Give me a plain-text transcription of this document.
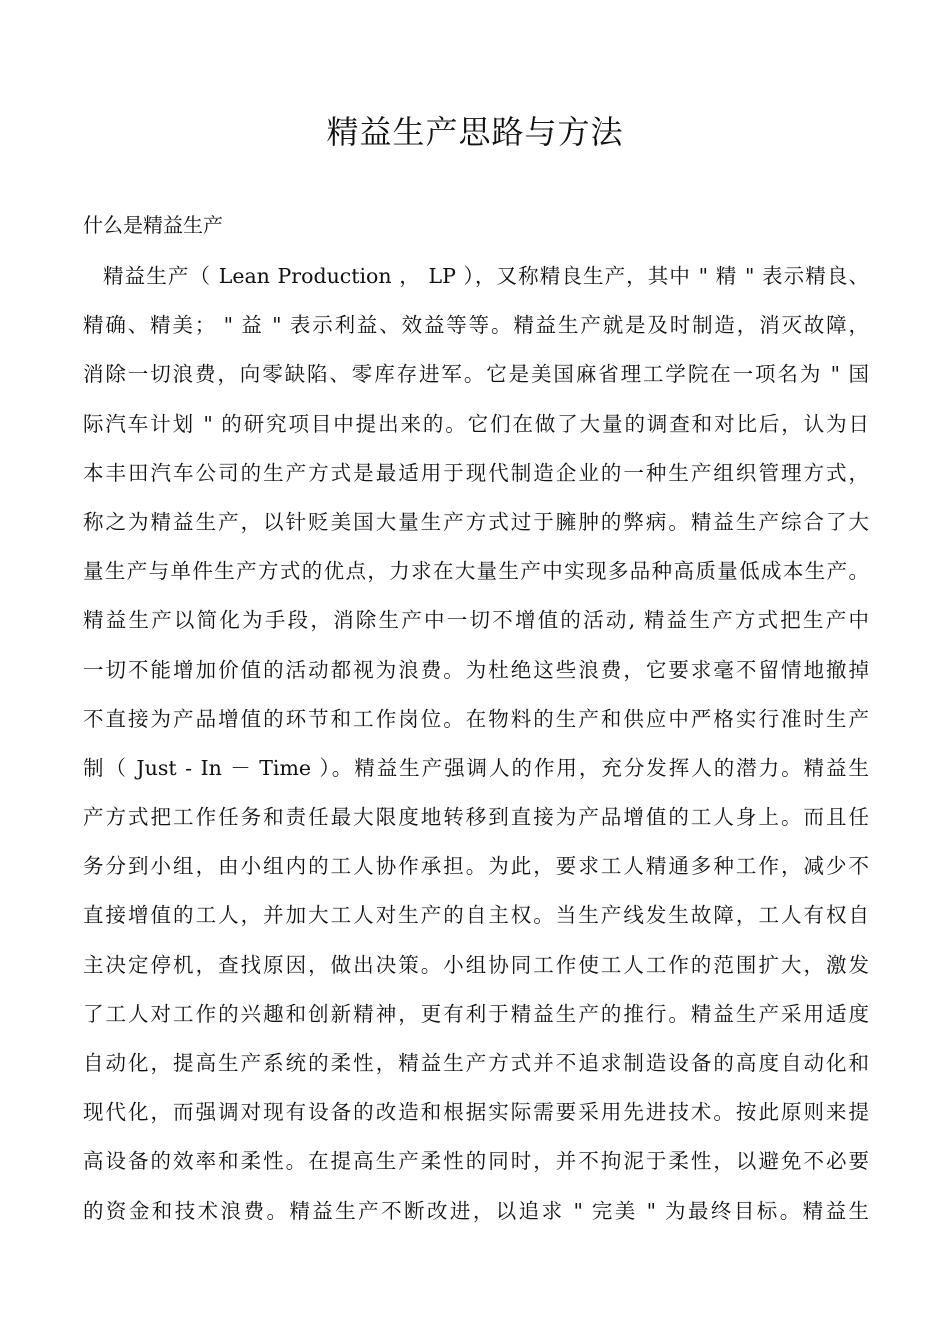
精益生产思路与方法
什么是精益生产
精益生产（ Lean Production ， LP ），又称精良生产，其中 " 精 " 表示精良、
精确、精美； " 益 " 表示利益、效益等等。精益生产就是及时制造，消灭故障，
消除一切浪费，向零缺陷、零库存进军。它是美国麻省理工学院在一项名为 " 国
际汽车计划 " 的研究项目中提出来的。它们在做了大量的调查和对比后，认为日
本丰田汽车公司的生产方式是最适用于现代制造企业的一种生产组织管理方式，
称之为精益生产，以针贬美国大量生产方式过于臃肿的弊病。精益生产综合了大
量生产与单件生产方式的优点，力求在大量生产中实现多品种高质量低成本生产。
精益生产以简化为手段，消除生产中一切不增值的活动, 精益生产方式把生产中
一切不能增加价值的活动都视为浪费。为杜绝这些浪费，它要求毫不留情地撤掉
不直接为产品增值的环节和工作岗位。在物料的生产和供应中严格实行准时生产
制（ Just - In － Time ）。精益生产强调人的作用，充分发挥人的潜力。精益生
产方式把工作任务和责任最大限度地转移到直接为产品增值的工人身上。而且任
务分到小组，由小组内的工人协作承担。为此，要求工人精通多种工作，减少不
直接增值的工人，并加大工人对生产的自主权。当生产线发生故障，工人有权自
主决定停机，查找原因，做出决策。小组协同工作使工人工作的范围扩大，激发
了工人对工作的兴趣和创新精神，更有利于精益生产的推行。精益生产采用适度
自动化，提高生产系统的柔性，精益生产方式并不追求制造设备的高度自动化和
现代化，而强调对现有设备的改造和根据实际需要采用先进技术。按此原则来提
高设备的效率和柔性。在提高生产柔性的同时，并不拘泥于柔性，以避免不必要
的资金和技术浪费。精益生产不断改进，以追求 " 完美 " 为最终目标。精益生
